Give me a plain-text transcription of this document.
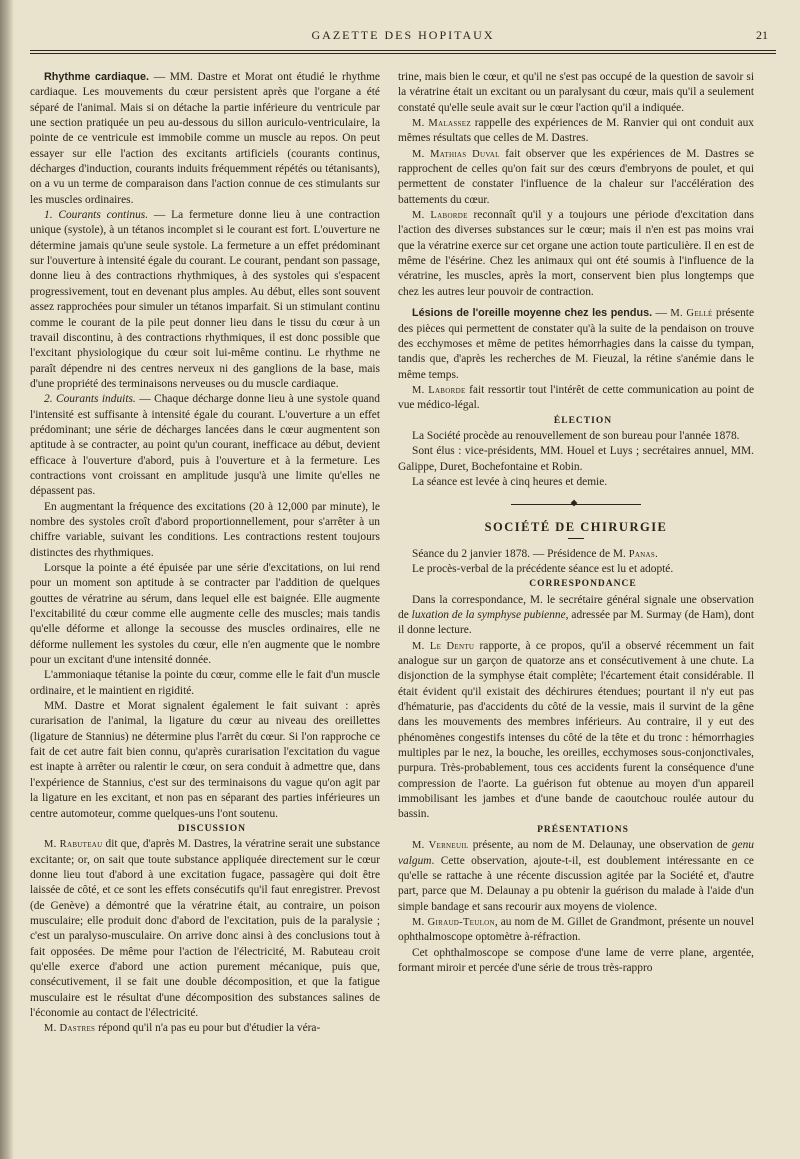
GAZETTE DES HOPITAUX	21

Rhythme cardiaque. — MM. Dastre et Morat ont étudié le rhythme cardiaque. Les mouvements du cœur persistent après que l'organe a été séparé de l'animal. Mais si on détache la partie inférieure du ventricule par une section pratiquée un peu au-dessous du sillon auriculo-ventriculaire, la pointe de ce ventricule est immobile comme un muscle au repos. On peut essayer sur elle l'action des excitants artificiels (courants continus, décharges d'induction, courants induits fréquemment répétés ou tétanisants), on a vu un terme de comparaison dans l'action connue de ces stimulants sur les muscles ordinaires.

1. Courants continus. — La fermeture donne lieu à une contraction unique (systole), à un tétanos incomplet si le courant est fort. L'ouverture ne détermine jamais qu'une seule systole. La fermeture a un effet prédominant sur l'ouverture à intensité égale du courant. Le courant, pendant son passage, donne lieu à des contractions rhythmiques, à des systoles qui s'espacent progressivement, tout en devenant plus amples. Au début, elles sont souvent assez rapprochées pour simuler un tétanos imparfait. Si un stimulant continu comme le courant de la pile peut donner lieu dans le tissu du cœur à un travail discontinu, à des contractions rhythmiques, il est donc possible que l'excitant physiologique du cœur soit lui-même continu. Le rhythme ne paraît dépendre ni des centres nerveux ni des ganglions de la base, mais d'une propriété des terminaisons nerveuses ou du muscle cardiaque.

2. Courants induits. — Chaque décharge donne lieu à une systole quand l'intensité est suffisante à intensité égale du courant. L'ouverture a un effet prédominant; une série de décharges lancées dans le cœur augmentent son aptitude à se contracter, au point qu'un courant, inefficace au début, devient efficace à l'ouverture d'abord, puis à l'ouverture et à la fermeture. Les contractions vont croissant en amplitude jusqu'à une limite qu'elles ne dépassent pas.

En augmentant la fréquence des excitations (20 à 12,000 par minute), le nombre des systoles croît d'abord proportionnellement, pour s'arrêter à un chiffre variable, suivant les conditions. Les contractions restent toujours distinctes des rhythmiques.

Lorsque la pointe a été épuisée par une série d'excitations, on lui rend pour un moment son aptitude à se contracter par l'addition de quelques gouttes de vératrine au sérum, dans lequel elle est baignée. Elle augmente l'excitabilité du cœur comme elle augmente celle des muscles; mais tandis qu'elle déforme et allonge la secousse des muscles ordinaires, elle ne déforme nullement les systoles du cœur, elle n'en augmente que le nombre pour un excitant d'une intensité donnée.

L'ammoniaque tétanise la pointe du cœur, comme elle le fait d'un muscle ordinaire, et le maintient en rigidité.

MM. Dastre et Morat signalent également le fait suivant : après curarisation de l'animal, la ligature du cœur au niveau des oreillettes (ligature de Stannius) ne détermine plus l'arrêt du cœur. Si l'on rapproche ce fait de cet autre fait bien connu, qu'après curarisation l'excitation du vague est inapte à arrêter ou ralentir le cœur, on sera conduit à admettre que, dans l'expérience de Stannius, c'est sur des terminaisons du vague qu'on agit par la ligature en les excitant, et non pas en séparant des parties inférieures un centre automoteur, comme quelques-uns l'ont soutenu.

DISCUSSION

M. Rabuteau dit que, d'après M. Dastres, la vératrine serait une substance excitante; or, on sait que toute substance appliquée directement sur le cœur donne lieu tout d'abord à une excitation fugace, passagère qui doit être laissée de côté, et ce sont les effets consécutifs qu'il faut enregistrer. Prevost (de Genève) a démontré que la vératrine était, au contraire, un poison musculaire; elle produit donc d'abord de l'excitation, puis de la paralysie ; c'est un paralyso-musculaire. On arrive donc ainsi à des conclusions tout à fait opposées. De même pour l'action de l'électricité, M. Rabuteau croit qu'elle exerce d'abord une action purement mécanique, puis que, consécutivement, il se fait une double décomposition, et que la fatigue musculaire est le résultat d'une décomposition des substances salines de l'économie au contact de l'électricité.

M. Dastres répond qu'il n'a pas eu pour but d'étudier la véra-

trine, mais bien le cœur, et qu'il ne s'est pas occupé de la question de savoir si la vératrine était un excitant ou un paralysant du cœur, mais qu'il a seulement constaté qu'elle seule avait sur le cœur l'action qu'il a indiquée.

M. Malassez rappelle des expériences de M. Ranvier qui ont conduit aux mêmes résultats que celles de M. Dastres.

M. Mathias Duval fait observer que les expériences de M. Dastres se rapprochent de celles qu'on fait sur des cœurs d'embryons de poulet, et qui permettent de constater l'influence de la chaleur sur l'accélération des battements du cœur.

M. Laborde reconnaît qu'il y a toujours une période d'excitation dans l'action des diverses substances sur le cœur; mais il n'en est pas moins vrai que la vératrine exerce sur cet organe une action toute particulière. Il en est de même de l'ésérine. Chez les animaux qui ont été soumis à l'influence de la vératrine, les muscles, après la mort, conservent bien plus longtemps que chez les autres leur pouvoir de contraction.

Lésions de l'oreille moyenne chez les pendus. — M. Gellé présente des pièces qui permettent de constater qu'à la suite de la pendaison on trouve des ecchymoses et même de petites hémorrhagies dans la caisse du tympan, tandis que, d'après les recherches de M. Fieuzal, la rétine s'anémie dans le même temps.

M. Laborde fait ressortir tout l'intérêt de cette communication au point de vue médico-légal.

ÉLECTION

La Société procède au renouvellement de son bureau pour l'année 1878.

Sont élus : vice-présidents, MM. Houel et Luys ; secrétaires annuel, MM. Galippe, Duret, Bochefontaine et Robin.

La séance est levée à cinq heures et demie.

SOCIÉTÉ DE CHIRURGIE

Séance du 2 janvier 1878. — Présidence de M. Panas.

Le procès-verbal de la précédente séance est lu et adopté.

CORRESPONDANCE

Dans la correspondance, M. le secrétaire général signale une observation de luxation de la symphyse pubienne, adressée par M. Surmay (de Ham), dont il donne lecture.

M. Le Dentu rapporte, à ce propos, qu'il a observé récemment un fait analogue sur un garçon de quatorze ans et consécutivement à une chute. La disjonction de la symphyse était complète; l'écartement était considérable. Il était évident qu'il existait des déchirures étendues; pourtant il n'y eut pas d'hématurie, pas d'accidents du côté de la vessie, mais il survint de la gêne dans les mouvements des membres inférieurs. Au contraire, il y eut des phénomènes congestifs intenses du côté de la tête et du tronc : hémorrhagies multiples par le nez, la bouche, les oreilles, ecchymoses sous-conjonctivales, purpura. Très-probablement, tous ces accidents furent la conséquence d'une compression de l'aorte. La guérison fut obtenue au moyen d'un appareil immobilisant les jambes et d'une bande de caoutchouc roulée autour du bassin.

PRÉSENTATIONS

M. Verneuil présente, au nom de M. Delaunay, une observation de genu valgum. Cette observation, ajoute-t-il, est doublement intéressante en ce qu'elle se rattache à une récente discussion agitée par la Société et, d'autre part, parce que M. Delaunay a pu obtenir la guérison du malade à l'aide d'un simple bandage et sans recourir aux moyens de violence.

M. Giraud-Teulon, au nom de M. Gillet de Grandmont, présente un nouvel ophthalmoscope optomètre à-réfraction.

Cet ophthalmoscope se compose d'une lame de verre plane, argentée, formant miroir et percée d'une série de trous très-rappro
